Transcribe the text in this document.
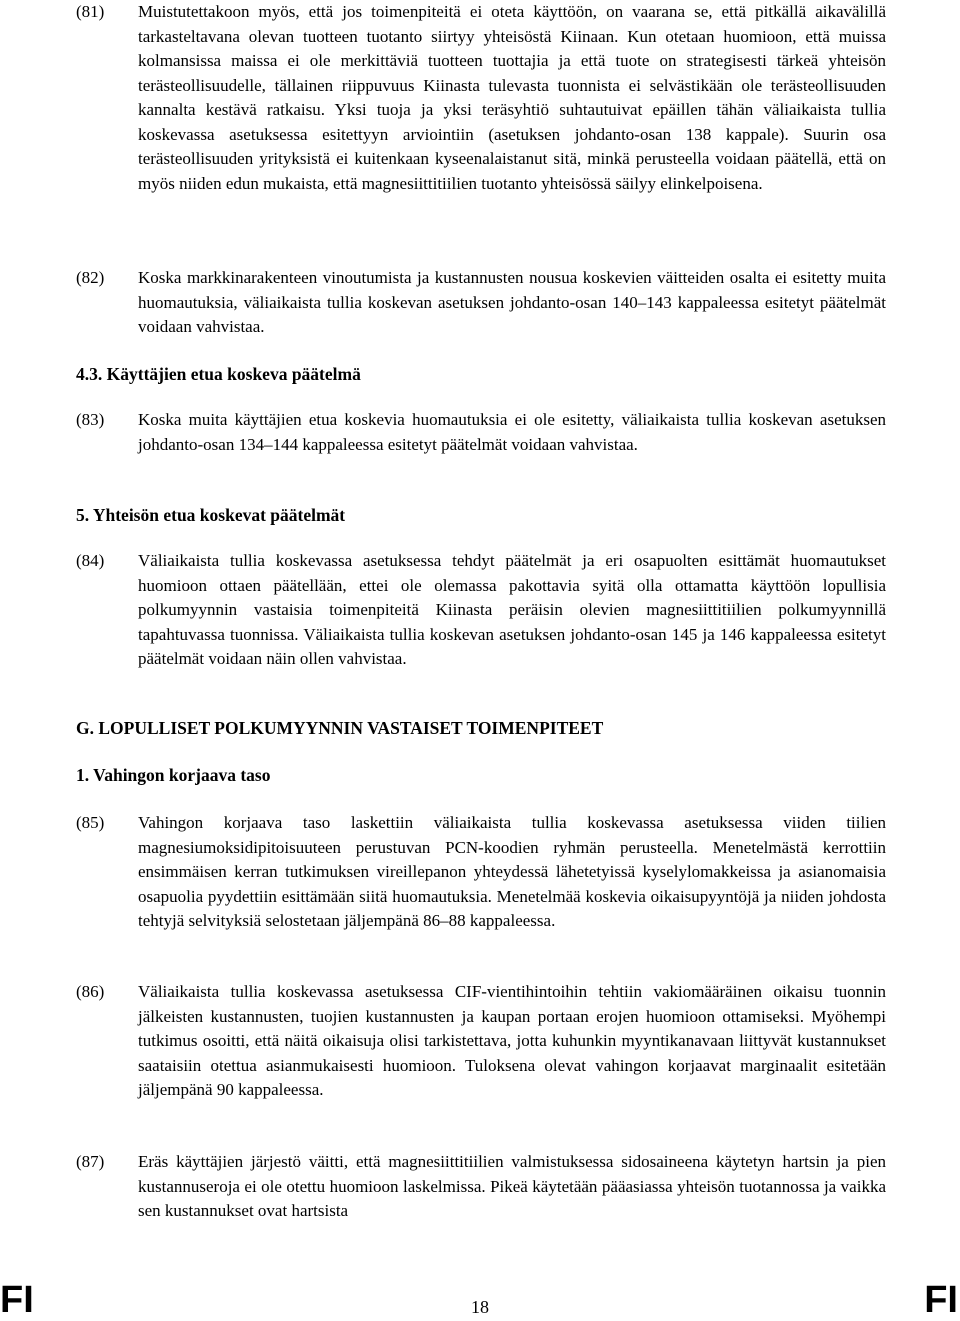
(81)	Muistutettakoon myös, että jos toimenpiteitä ei oteta käyttöön, on vaarana se, että pitkällä aikavälillä tarkasteltavana olevan tuotteen tuotanto siirtyy yhteisöstä Kiinaan. Kun otetaan huomioon, että muissa kolmansissa maissa ei ole merkittäviä tuotteen tuottajia ja että tuote on strategisesti tärkeä yhteisön terästeollisuudelle, tällainen riippuvuus Kiinasta tulevasta tuonnista ei selvästikään ole terästeollisuuden kannalta kestävä ratkaisu. Yksi tuoja ja yksi teräsyhtiö suhtautuivat epäillen tähän väliaikaista tullia koskevassa asetuksessa esitettyyn arviointiin (asetuksen johdanto-osan 138 kappale). Suurin osa terästeollisuuden yrityksistä ei kuitenkaan kyseenalaistanut sitä, minkä perusteella voidaan päätellä, että on myös niiden edun mukaista, että magnesiittitiilien tuotanto yhteisössä säilyy elinkelpoisena.
(82)	Koska markkinarakenteen vinoutumista ja kustannusten nousua koskevien väitteiden osalta ei esitetty muita huomautuksia, väliaikaista tullia koskevan asetuksen johdanto-osan 140–143 kappaleessa esitetyt päätelmät voidaan vahvistaa.
4.3. Käyttäjien etua koskeva päätelmä
(83)	Koska muita käyttäjien etua koskevia huomautuksia ei ole esitetty, väliaikaista tullia koskevan asetuksen johdanto-osan 134–144 kappaleessa esitetyt päätelmät voidaan vahvistaa.
5. Yhteisön etua koskevat päätelmät
(84)	Väliaikaista tullia koskevassa asetuksessa tehdyt päätelmät ja eri osapuolten esittämät huomautukset huomioon ottaen päätellään, ettei ole olemassa pakottavia syitä olla ottamatta käyttöön lopullisia polkumyynnin vastaisia toimenpiteitä Kiinasta peräisin olevien magnesiittitiilien polkumyynnillä tapahtuvassa tuonnissa. Väliaikaista tullia koskevan asetuksen johdanto-osan 145 ja 146 kappaleessa esitetyt päätelmät voidaan näin ollen vahvistaa.
G. LOPULLISET POLKUMYYNNIN VASTAISET TOIMENPITEET
1. Vahingon korjaava taso
(85)	Vahingon korjaava taso laskettiin väliaikaista tullia koskevassa asetuksessa viiden tiilien magnesiumoksidipitoisuuteen perustuvan PCN-koodien ryhmän perusteella. Menetelmästä kerrottiin ensimmäisen kerran tutkimuksen vireillepanon yhteydessä lähetetyissä kyselylomakkeissa ja asianomaisia osapuolia pyydettiin esittämään siitä huomautuksia. Menetelmää koskevia oikaisupyyntöjä ja niiden johdosta tehtyjä selvityksiä selostetaan jäljempänä 86–88 kappaleessa.
(86)	Väliaikaista tullia koskevassa asetuksessa CIF-vientihintoihin tehtiin vakiomääräinen oikaisu tuonnin jälkeisten kustannusten, tuojien kustannusten ja kaupan portaan erojen huomioon ottamiseksi. Myöhempi tutkimus osoitti, että näitä oikaisuja olisi tarkistettava, jotta kuhunkin myyntikanavaan liittyvät kustannukset saataisiin otettua asianmukaisesti huomioon. Tuloksena olevat vahingon korjaavat marginaalit esitetään jäljempänä 90 kappaleessa.
(87)	Eräs käyttäjien järjestö väitti, että magnesiittitiilien valmistuksessa sidosaineena käytetyn hartsin ja pien kustannuseroja ei ole otettu huomioon laskelmissa. Pikeä käytetään pääasiassa yhteisön tuotannossa ja vaikka sen kustannukset ovat hartsista
FI	18	FI
